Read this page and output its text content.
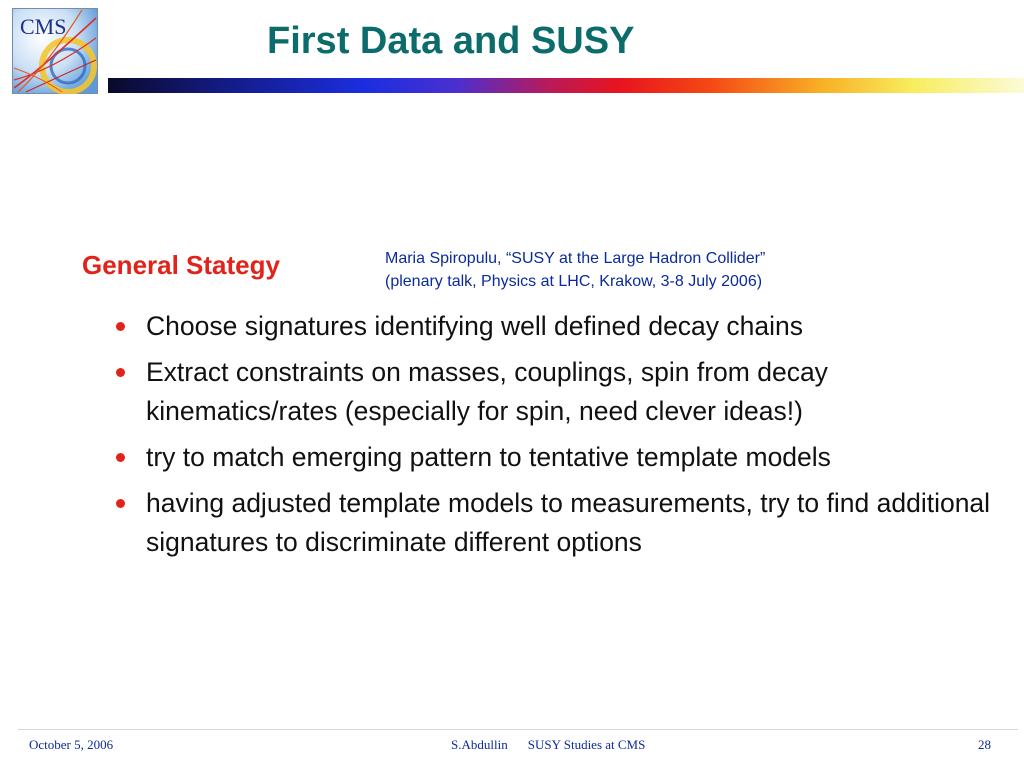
CMS	First Data and SUSY
General Stategy	Maria Spiropulu, “SUSY at the Large Hadron Collider”
(plenary talk, Physics at LHC, Krakow, 3-8 July 2006)
Choose signatures identifying well defined decay chains
Extract constraints on masses, couplings, spin from decay kinematics/rates (especially for spin, need clever ideas!)
try to match emerging pattern to tentative template models
having adjusted template models to measurements, try to find additional signatures to discriminate different options
October 5, 2006	S.Abdullin SUSY Studies at CMS	28
